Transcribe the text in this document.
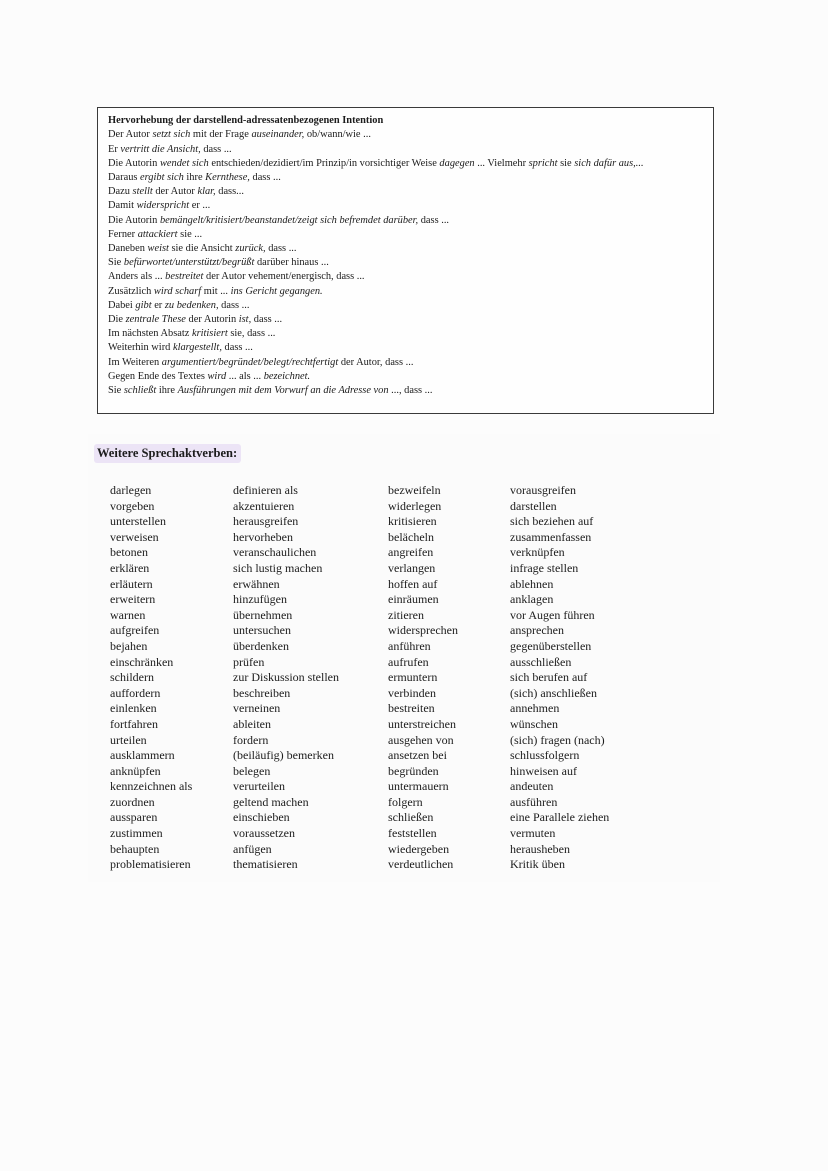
Hervorhebung der darstellend-adressatenbezogenen Intention
Der Autor setzt sich mit der Frage auseinander, ob/wann/wie ...
Er vertritt die Ansicht, dass ...
Die Autorin wendet sich entschieden/dezidiert/im Prinzip/in vorsichtiger Weise dagegen ... Vielmehr spricht sie sich dafür aus,...
Daraus ergibt sich ihre Kernthese, dass ...
Dazu stellt der Autor klar, dass...
Damit widerspricht er ...
Die Autorin bemängelt/kritisiert/beanstandet/zeigt sich befremdet darüber, dass ...
Ferner attackiert sie ...
Daneben weist sie die Ansicht zurück, dass ...
Sie befürwortet/unterstützt/begrüßt darüber hinaus ...
Anders als ... bestreitet der Autor vehement/energisch, dass ...
Zusätzlich wird scharf mit ... ins Gericht gegangen.
Dabei gibt er zu bedenken, dass ...
Die zentrale These der Autorin ist, dass ...
Im nächsten Absatz kritisiert sie, dass ...
Weiterhin wird klargestellt, dass ...
Im Weiteren argumentiert/begründet/belegt/rechtfertigt der Autor, dass ...
Gegen Ende des Textes wird ... als ... bezeichnet.
Sie schließt ihre Ausführungen mit dem Vorwurf an die Adresse von ..., dass ...
Weitere Sprechaktverben:
darlegen
vorgeben
unterstellen
verweisen
betonen
erklären
erläutern
erweitern
warnen
aufgreifen
bejahen
einschränken
schildern
auffordern
einlenken
fortfahren
urteilen
ausklammern
anknüpfen
kennzeichnen als
zuordnen
aussparen
zustimmen
behaupten
problematisieren
definieren als
akzentuieren
herausgreifen
hervorheben
veranschaulichen
sich lustig machen
erwähnen
hinzufügen
übernehmen
untersuchen
überdenken
prüfen
zur Diskussion stellen
beschreiben
verneinen
ableiten
fordern
(beiläufig) bemerken
belegen
verurteilen
geltend machen
einschieben
voraussetzen
anfügen
thematisieren
bezweifeln
widerlegen
kritisieren
belächeln
angreifen
verlangen
hoffen auf
einräumen
zitieren
widersprechen
anführen
aufrufen
ermuntern
verbinden
bestreiten
unterstreichen
ausgehen von
ansetzen bei
begründen
untermauern
folgern
schließen
feststellen
wiedergeben
verdeutlichen
vorausgreifen
darstellen
sich beziehen auf
zusammenfassen
verknüpfen
infrage stellen
ablehnen
anklagen
vor Augen führen
ansprechen
gegenüberstellen
ausschließen
sich berufen auf
(sich) anschließen
annehmen
wünschen
(sich) fragen (nach)
schlussfolgern
hinweisen auf
andeuten
ausführen
eine Parallele ziehen
vermuten
herausheben
Kritik üben
